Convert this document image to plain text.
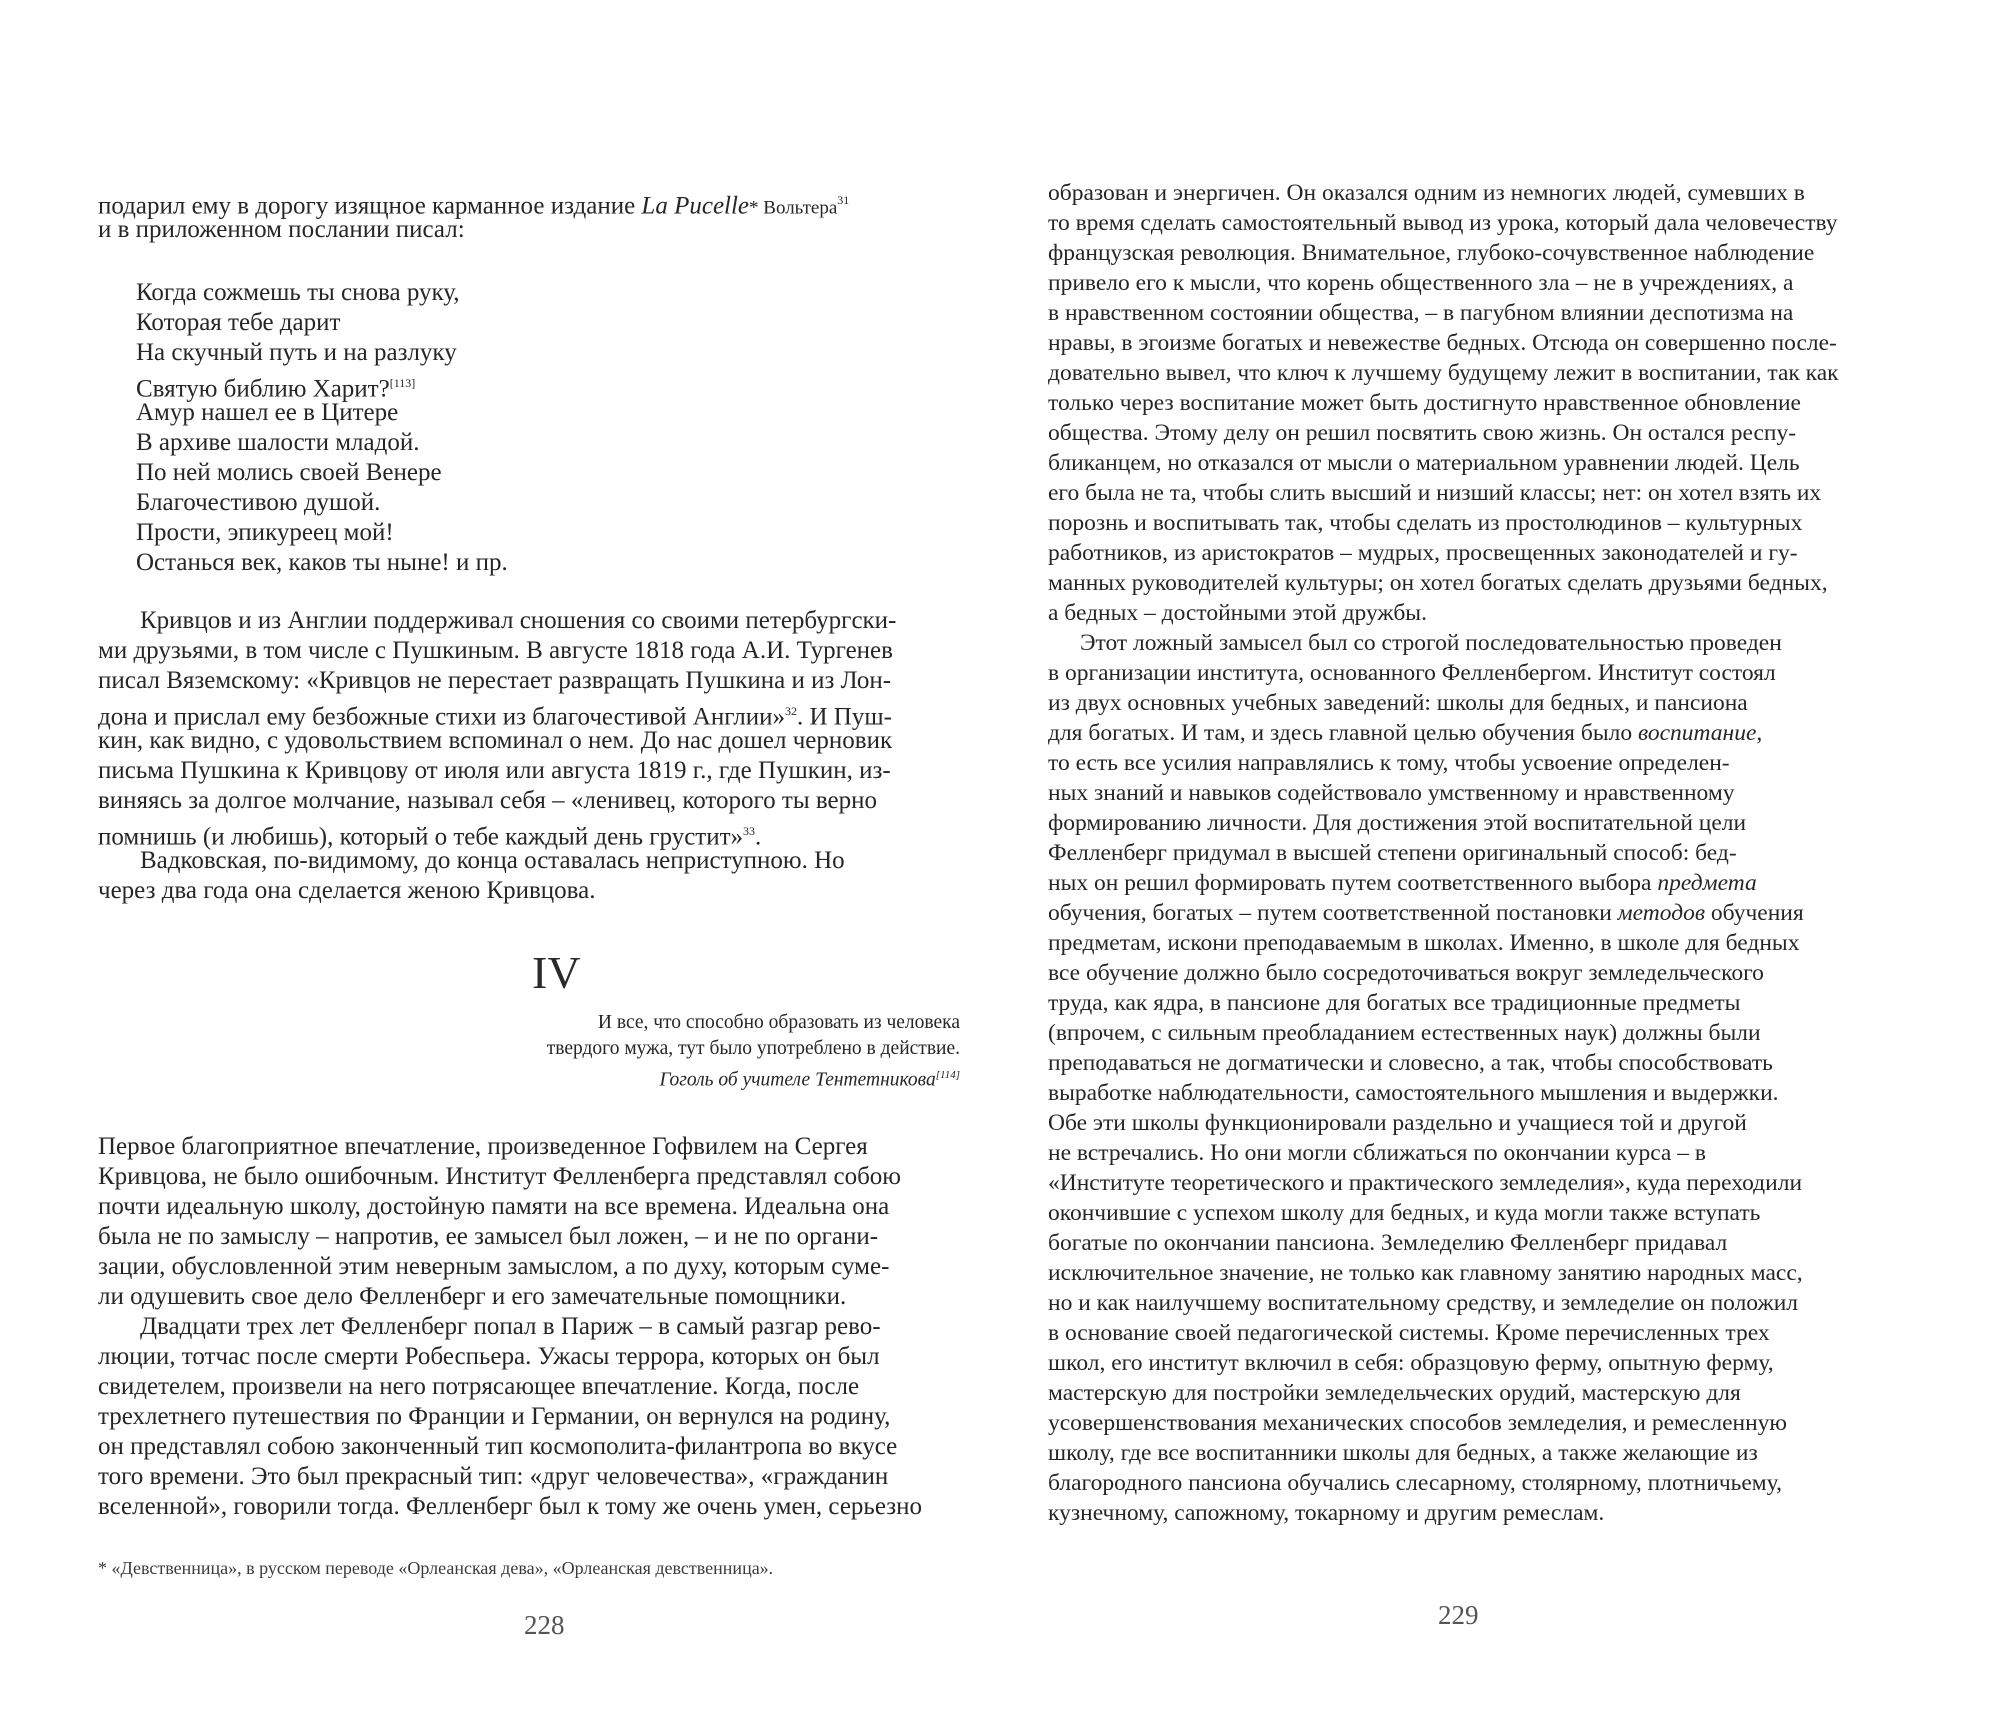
подарил ему в дорогу изящное карманное издание La Pucelle* Вольтера$^{31}$
и в приложенном послании писал:
Когда сожмешь ты снова руку,
Которая тебе дарит
На скучный путь и на разлуку
Святую библию Харит?[113]
Амур нашел ее в Цитере
В архиве шалости младой.
По ней молись своей Венере
Благочестивою душой.
Прости, эпикуреец мой!
Останься век, каков ты ныне! и пр.
Кривцов и из Англии поддерживал сношения со своими петербургски-
ми друзьями, в том числе с Пушкиным. В августе 1818 года А.И. Тургенев
писал Вяземскому: «Кривцов не перестает развращать Пушкина и из Лон-
дона и прислал ему безбожные стихи из благочестивой Англии»$^{32}$. И Пуш-
кин, как видно, с удовольствием вспоминал о нем. До нас дошел черновик
письма Пушкина к Кривцову от июля или августа 1819 г., где Пушкин, из-
виняясь за долгое молчание, называл себя – «ленивец, которого ты верно
помнишь (и любишь), который о тебе каждый день грустит»$^{33}$.
Вадковская, по-видимому, до конца оставалась неприступною. Но
через два года она сделается женою Кривцова.
IV
И все, что способно образовать из человека
твердого мужа, тут было употреблено в действие.
Гоголь об учителе Тентетникова[114]
Первое благоприятное впечатление, произведенное Гофвилем на Сергея
Кривцова, не было ошибочным. Институт Фелленберга представлял собою
почти идеальную школу, достойную памяти на все времена. Идеальна она
была не по замыслу – напротив, ее замысел был ложен, – и не по органи-
зации, обусловленной этим неверным замыслом, а по духу, которым суме-
ли одушевить свое дело Фелленберг и его замечательные помощники.
Двадцати трех лет Фелленберг попал в Париж – в самый разгар рево-
люции, тотчас после смерти Робеспьера. Ужасы террора, которых он был
свидетелем, произвели на него потрясающее впечатление. Когда, после
трехлетнего путешествия по Франции и Германии, он вернулся на родину,
он представлял собою законченный тип космополита-филантропа во вкусе
того времени. Это был прекрасный тип: «друг человечества», «гражданин
вселенной», говорили тогда. Фелленберг был к тому же очень умен, серьезно
* «Девственница», в русском переводе «Орлеанская дева», «Орлеанская девственница».
228
образован и энергичен. Он оказался одним из немногих людей, сумевших в
то время сделать самостоятельный вывод из урока, который дала человечеству
французская революция. Внимательное, глубоко-сочувственное наблюдение
привело его к мысли, что корень общественного зла – не в учреждениях, а
в нравственном состоянии общества, – в пагубном влиянии деспотизма на
нравы, в эгоизме богатых и невежестве бедных. Отсюда он совершенно после-
довательно вывел, что ключ к лучшему будущему лежит в воспитании, так как
только через воспитание может быть достигнуто нравственное обновление
общества. Этому делу он решил посвятить свою жизнь. Он остался респу-
бликанцем, но отказался от мысли о материальном уравнении людей. Цель
его была не та, чтобы слить высший и низший классы; нет: он хотел взять их
порознь и воспитывать так, чтобы сделать из простолюдинов – культурных
работников, из аристократов – мудрых, просвещенных законодателей и гу-
манных руководителей культуры; он хотел богатых сделать друзьями бедных,
а бедных – достойными этой дружбы.
Этот ложный замысел был со строгой последовательностью проведен
в организации института, основанного Фелленбергом. Институт состоял
из двух основных учебных заведений: школы для бедных, и пансиона
для богатых. И там, и здесь главной целью обучения было воспитание,
то есть все усилия направлялись к тому, чтобы усвоение определен-
ных знаний и навыков содействовало умственному и нравственному
формированию личности. Для достижения этой воспитательной цели
Фелленберг придумал в высшей степени оригинальный способ: бед-
ных он решил формировать путем соответственного выбора предмета
обучения, богатых – путем соответственной постановки методов обучения
предметам, искони преподаваемым в школах. Именно, в школе для бедных
все обучение должно было сосредоточиваться вокруг земледельческого
труда, как ядра, в пансионе для богатых все традиционные предметы
(впрочем, с сильным преобладанием естественных наук) должны были
преподаваться не догматически и словесно, а так, чтобы способствовать
выработке наблюдательности, самостоятельного мышления и выдержки.
Обе эти школы функционировали раздельно и учащиеся той и другой
не встречались. Но они могли сближаться по окончании курса – в
«Институте теоретического и практического земледелия», куда переходили
окончившие с успехом школу для бедных, и куда могли также вступать
богатые по окончании пансиона. Земледелию Фелленберг придавал
исключительное значение, не только как главному занятию народных масс,
но и как наилучшему воспитательному средству, и земледелие он положил
в основание своей педагогической системы. Кроме перечисленных трех
школ, его институт включил в себя: образцовую ферму, опытную ферму,
мастерскую для постройки земледельческих орудий, мастерскую для
усовершенствования механических способов земледелия, и ремесленную
школу, где все воспитанники школы для бедных, а также желающие из
благородного пансиона обучались слесарному, столярному, плотничьему,
кузнечному, сапожному, токарному и другим ремеслам.
229
